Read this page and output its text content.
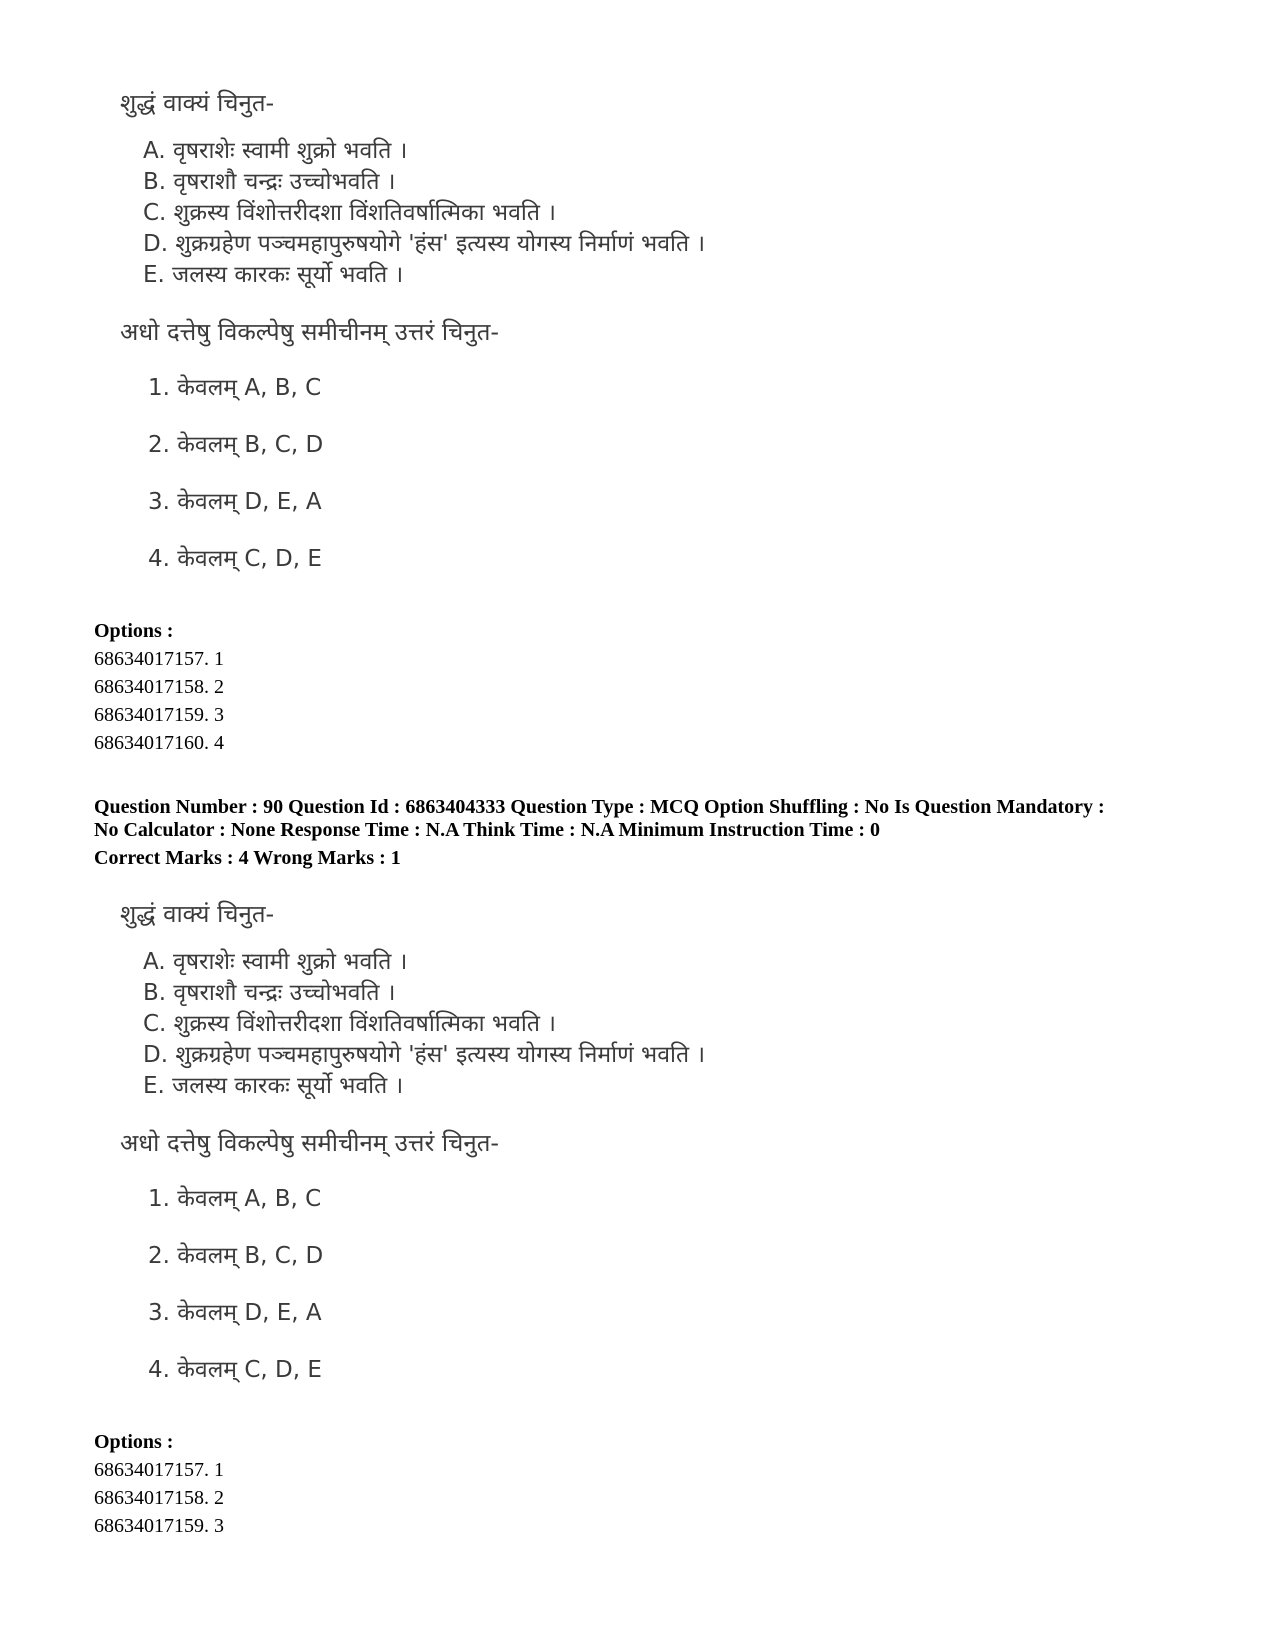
शुद्धं वाक्यं चिनुत-
A. वृषराशेः स्वामी शुक्रो भवति ।
B. वृषराशौ चन्द्रः उच्चोभवति ।
C. शुक्रस्य विंशोत्तरीदशा विंशतिवर्षात्मिका भवति ।
D. शुक्रग्रहेण पञ्चमहापुरुषयोगे 'हंस' इत्यस्य योगस्य निर्माणं भवति ।
E. जलस्य कारकः सूर्यो भवति ।
अधो दत्तेषु विकल्पेषु समीचीनम् उत्तरं चिनुत-
1. केवलम् A, B, C
2. केवलम् B, C, D
3. केवलम् D, E, A
4. केवलम् C, D, E
Options :
68634017157. 1
68634017158. 2
68634017159. 3
68634017160. 4
Question Number : 90 Question Id : 6863404333 Question Type : MCQ Option Shuffling : No Is Question Mandatory :
No Calculator : None Response Time : N.A Think Time : N.A Minimum Instruction Time : 0
Correct Marks : 4 Wrong Marks : 1
शुद्धं वाक्यं चिनुत-
A. वृषराशेः स्वामी शुक्रो भवति ।
B. वृषराशौ चन्द्रः उच्चोभवति ।
C. शुक्रस्य विंशोत्तरीदशा विंशतिवर्षात्मिका भवति ।
D. शुक्रग्रहेण पञ्चमहापुरुषयोगे 'हंस' इत्यस्य योगस्य निर्माणं भवति ।
E. जलस्य कारकः सूर्यो भवति ।
अधो दत्तेषु विकल्पेषु समीचीनम् उत्तरं चिनुत-
1. केवलम् A, B, C
2. केवलम् B, C, D
3. केवलम् D, E, A
4. केवलम् C, D, E
Options :
68634017157. 1
68634017158. 2
68634017159. 3
